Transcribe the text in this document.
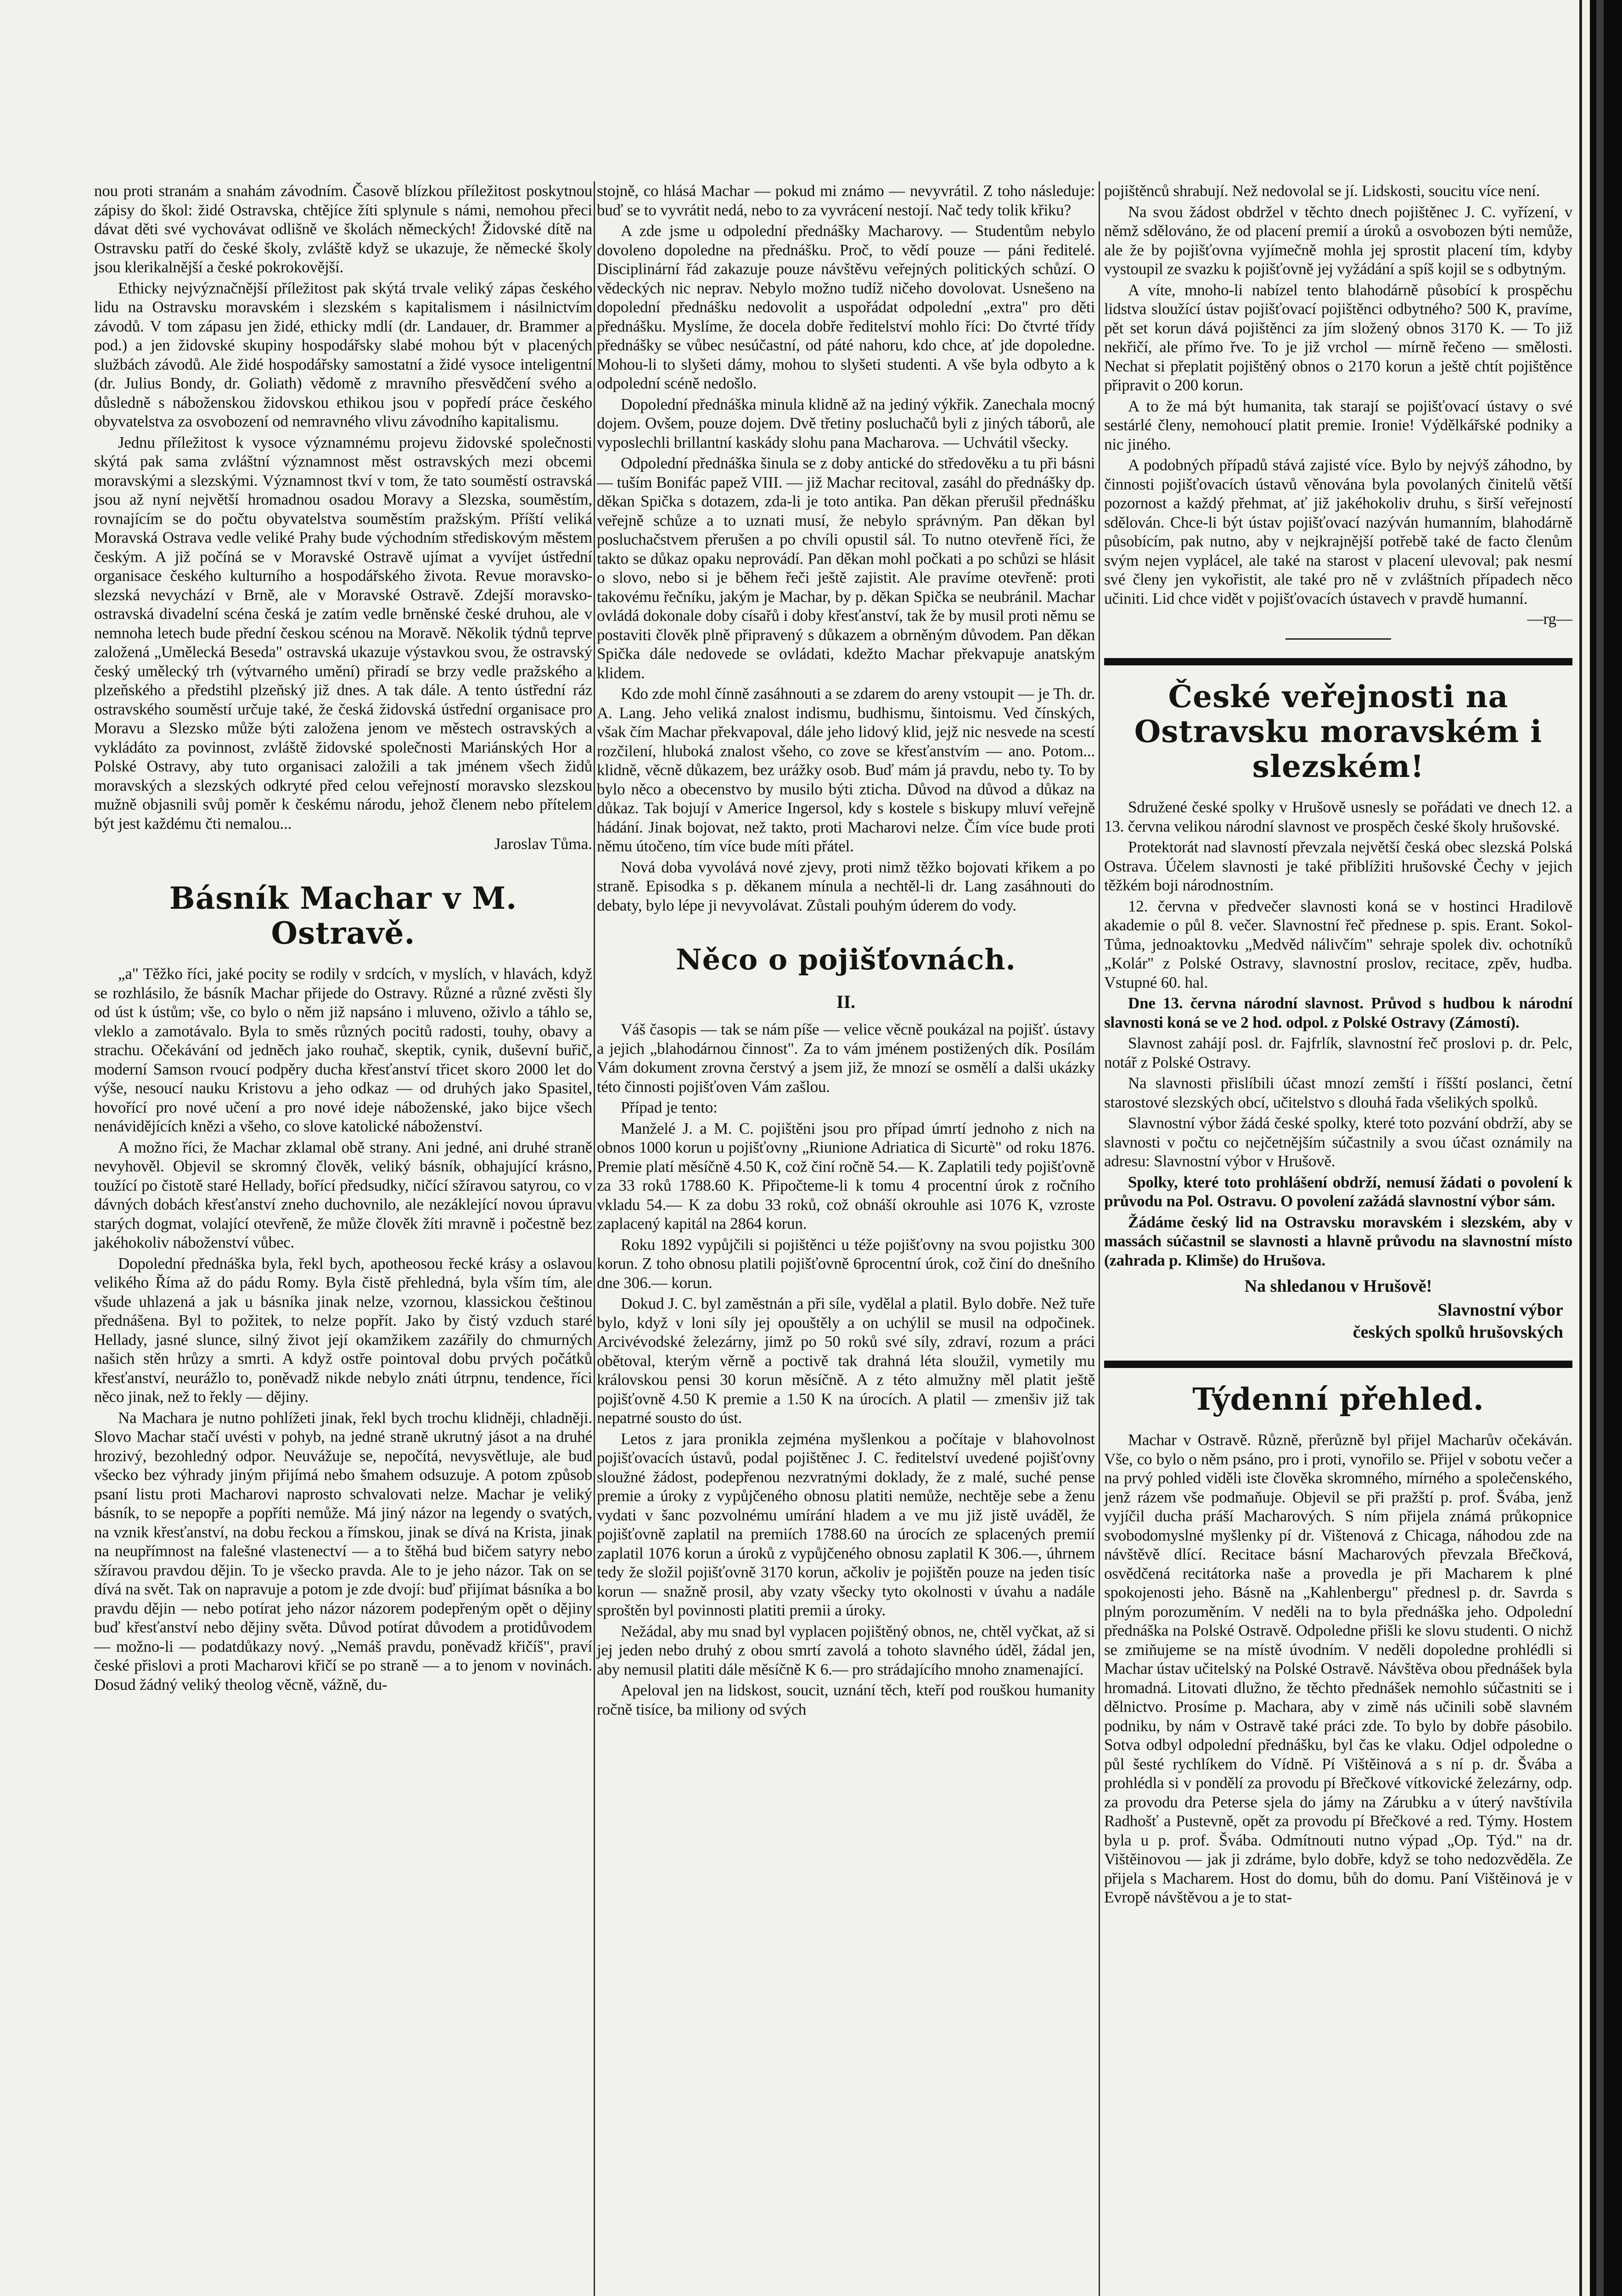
nou proti stranám a snahám závodním. Časově blízkou příležitost poskytnou zápisy do škol: židé Ostravska, chtějíce žíti splynule s námi, nemohou přeci dávat děti své vychovávat odlišně ve školách německých! Židovské dítě na Ostravsku patří do české školy, zvláště když se ukazuje, že německé školy jsou klerikalnější a české pokrokovější.

Ethicky nejvýznačnější příležitost pak skýtá trvale veliký zápas českého lidu na Ostravsku moravském i slezském s kapitalismem i násilnictvím závodů. V tom zápasu jen židé, ethicky mdlí (dr. Landauer, dr. Brammer a pod.) a jen židovské skupiny hospodářsky slabé mohou být v placených službách závodů. Ale židé hospodářsky samostatní a židé vysoce inteligentní (dr. Julius Bondy, dr. Goliath) vědomě z mravního přesvědčení svého a důsledně s náboženskou židovskou ethikou jsou v popředí práce českého obyvatelstva za osvobození od nemravného vlivu závodního kapitalismu.

Jednu příležitost k vysoce významnému projevu židovské společnosti skýtá pak sama zvláštní významnost měst ostravských mezi obcemi moravskými a slezskými. Významnost tkví v tom, že tato souměstí ostravská jsou až nyní největší hromadnou osadou Moravy a Slezska, souměstím, rovnajícím se do počtu obyvatelstva souměstím pražským. Příští veliká Moravská Ostrava vedle veliké Prahy bude východním střediskovým městem českým. A již počíná se v Moravské Ostravě ujímat a vyvíjet ústřední organisace českého kulturního a hospodářského života. Revue moravsko-slezská nevychází v Brně, ale v Moravské Ostravě. Zdejší moravsko-ostravská divadelní scéna česká je zatím vedle brněnské české druhou, ale v nemnoha letech bude přední českou scénou na Moravě. Několik týdnů teprve založená „Umělecká Beseda" ostravská ukazuje výstavkou svou, že ostravský český umělecký trh (výtvarného umění) přiradí se brzy vedle pražského a plzeňského a předstihl plzeňský již dnes. A tak dále. A tento ústřední ráz ostravského souměstí určuje také, že česká židovská ústřední organisace pro Moravu a Slezsko může býti založena jenom ve městech ostravských a vykládáto za povinnost, zvláště židovské společnosti Mariánských Hor a Polské Ostravy, aby tuto organisaci založili a tak jménem všech židů moravských a slezských odkryté před celou veřejností moravsko slezskou mužně objasnili svůj poměr k českému národu, jehož členem nebo přítelem být jest každému čti nemalou...

Jaroslav Tůma.
Básník Machar v M. Ostravě.

„a" Těžko říci, jaké pocity se rodily v srdcích, v myslích, v hlavách, když se rozhlásilo, že básník Machar přijede do Ostravy. Různé a různé zvěsti šly od úst k ústům; vše, co bylo o něm již napsáno i mluveno, oživlo a táhlo se, vleklo a zamotávalo. Byla to směs různých pocitů radosti, touhy, obavy a strachu. Očekávání od jedněch jako rouhač, skeptik, cynik, duševní buřič, moderní Samson rvoucí podpěry ducha křesťanství třicet skoro 2000 let do výše, nesoucí nauku Kristovu a jeho odkaz — od druhých jako Spasitel, hovořící pro nové učení a pro nové ideje náboženské, jako bijce všech nenávidějících knězi a všeho, co slove katolické náboženství.

A možno říci, že Machar zklamal obě strany. Ani jedné, ani druhé straně nevyhověl. Objevil se skromný člověk, veliký básník, obhajující krásno, toužící po čistotě staré Hellady, bořící předsudky, ničící sžíravou satyrou, co v dávných dobách křesťanství zneho duchovnilo, ale nezáklející novou úpravu starých dogmat, volající otevřeně, že může člověk žíti mravně i počestně bez jakéhokoliv náboženství vůbec.

Dopolední přednáška byla, řekl bych, apotheosou řecké krásy a oslavou velikého Říma až do pádu Romy. Byla čistě přehledná, byla vším tím, ale všude uhlazená a jak u básníka jinak nelze, vzornou, klassickou češtinou přednášena. Byl to požitek, to nelze popřít. Jako by čistý vzduch staré Hellady, jasné slunce, silný život její okamžikem zazářily do chmurných našich stěn hrůzy a smrti. A když ostře pointoval dobu prvých počátků křesťanství, neurážlo to, poněvadž nikde nebylo znáti útrpnu, tendence, říci něco jinak, než to řekly — dějiny.

Na Machara je nutno pohlížeti jinak, řekl bych trochu klidněji, chladněji. Slovo Machar stačí uvésti v pohyb, na jedné straně ukrutný jásot a na druhé hrozivý, bezohledný odpor. Neuvážuje se, nepočítá, nevysvětluje, ale bud všecko bez výhrady jiným přijímá nebo šmahem odsuzuje. A potom způsob psaní listu proti Macharovi naprosto schvalovati nelze. Machar je veliký básník, to se nepopře a popříti nemůže. Má jiný názor na legendy o svatých, na vznik křesťanství, na dobu řeckou a římskou, jinak se dívá na Krista, jinak na neupřímnost na falešné vlastenectví — a to štěhá bud bičem satyry nebo sžíravou pravdou dějin. To je všecko pravda. Ale to je jeho názor. Tak on se dívá na svět. Tak on napravuje a potom je zde dvojí: buď přijímat básníka a bo pravdu dějin — nebo potírat jeho názor názorem podepřeným opět o dějiny buď křesťanství nebo dějiny světa. Důvod potírat důvodem a protidůvodem — možno-li — podatdůkazy nový. „Nemáš pravdu, poněvadž křičíš", praví české přislovi a proti Macharovi křičí se po straně — a to jenom v novinách. Dosud žádný veliký theolog věcně, vážně, du-

stojně, co hlásá Machar — pokud mi známo — nevyvrátil. Z toho následuje: buď se to vyvrátit nedá, nebo to za vyvrácení nestojí. Nač tedy tolik křiku?

A zde jsme u odpolední přednášky Macharovy. — Studentům nebylo dovoleno dopoledne na přednášku. Proč, to vědí pouze — páni ředitelé. Disciplinární řád zakazuje pouze návštěvu veřejných politických schůzí. O vědeckých nic neprav. Nebylo možno tudíž ničeho dovolovat. Usnešeno na dopolední přednášku nedovolit a uspořádat odpolední „extra" pro děti přednášku. Myslíme, že docela dobře ředitelství mohlo říci: Do čtvrté třídy přednášky se vůbec nesúčastní, od páté nahoru, kdo chce, ať jde dopoledne. Mohou-li to slyšeti dámy, mohou to slyšeti studenti. A vše byla odbyto a k odpolední scéně nedošlo.

Dopolední přednáška minula klidně až na jediný výkřik. Zanechala mocný dojem. Ovšem, pouze dojem. Dvě třetiny posluchačů byli z jiných táborů, ale vyposlechli brillantní kaskády slohu pana Macharova. — Uchvátil všecky.

Odpolední přednáška šinula se z doby antické do středověku a tu při básni — tuším Bonifác papež VIII. — již Machar recitoval, zasáhl do přednášky dp. děkan Spička s dotazem, zda-li je toto antika. Pan děkan přerušil přednášku veřejně schůze a to uznati musí, že nebylo správným. Pan děkan byl posluchačstvem přerušen a po chvíli opustil sál. To nutno otevřeně říci, že takto se důkaz opaku neprovádí. Pan děkan mohl počkati a po schůzi se hlásit o slovo, nebo si je během řeči ještě zajistit. Ale pravíme otevřeně: proti takovému řečníku, jakým je Machar, by p. děkan Spička se neubránil. Machar ovládá dokonale doby císařů i doby křesťanství, tak že by musil proti němu se postaviti člověk plně připravený s důkazem a obrněným důvodem. Pan děkan Spička dále nedovede se ovládati, kdežto Machar překvapuje anatským klidem.

Kdo zde mohl čínně zasáhnouti a se zdarem do areny vstoupit — je Th. dr. A. Lang. Jeho veliká znalost indismu, budhismu, šintoismu. Ved čínských, však čím Machar překvapoval, dále jeho lidový klid, jejž nic nesvede na scestí rozčilení, hluboká znalost všeho, co zove se křesťanstvím — ano. Potom... klidně, věcně důkazem, bez urážky osob. Buď mám já pravdu, nebo ty. To by bylo něco a obecenstvo by musilo býti zticha. Důvod na důvod a důkaz na důkaz. Tak bojují v Americe Ingersol, kdy s kostele s biskupy mluví veřejně hádání. Jinak bojovat, než takto, proti Macharovi nelze. Čím více bude proti němu útočeno, tím více bude míti přátel.

Nová doba vyvolává nové zjevy, proti nimž těžko bojovati křikem a po straně. Episodka s p. děkanem mínula a nechtěl-li dr. Lang zasáhnouti do debaty, bylo lépe ji nevyvolávat. Zůstali pouhým úderem do vody.

Něco o pojišťovnách.
II.

Váš časopis — tak se nám píše — velice věcně poukázal na pojišť. ústavy a jejich „blahodárnou činnost". Za to vám jménem postižených dík. Posílám Vám dokument zrovna čerstvý a jsem již, že mnozí se osmělí a dalši ukázky této činnosti pojišťoven Vám zašlou.

Případ je tento:

Manželé J. a M. C. pojištěni jsou pro případ úmrtí jednoho z nich na obnos 1000 korun u pojišťovny „Riunione Adriatica di Sicurtè" od roku 1876. Premie platí měsíčně 4.50 K, což činí ročně 54.— K. Zaplatili tedy pojišťovně za 33 roků 1788.60 K. Připočteme-li k tomu 4 procentní úrok z ročního vkladu 54.— K za dobu 33 roků, což obnáší okrouhle asi 1076 K, vzroste zaplacený kapitál na 2864 korun.

Roku 1892 vypůjčili si pojištěnci u téže pojišťovny na svou pojistku 300 korun. Z toho obnosu platili pojišťovně 6procentní úrok, což činí do dnešního dne 306.— korun.

Dokud J. C. byl zaměstnán a při síle, vydělal a platil. Bylo dobře. Než tuře bylo, když v loni síly jej opouštěly a on uchýlil se musil na odpočinek. Arcivévodské železárny, jimž po 50 roků své síly, zdraví, rozum a práci obětoval, kterým věrně a poctivě tak drahná léta sloužil, vymetily mu královskou pensi 30 korun měsíčně. A z této almužny měl platit ještě pojišťovně 4.50 K premie a 1.50 K na úrocích. A platil — zmenšiv již tak nepatrné sousto do úst.

Letos z jara pronikla zejména myšlenkou a počítaje v blahovolnost pojišťovacích ústavů, podal pojištěnec J. C. ředitelství uvedené pojišťovny sloužné žádost, podepřenou nezvratnými doklady, že z malé, suché pense premie a úroky z vypůjčeného obnosu platiti nemůže, nechtěje sebe a ženu vydati v šanc pozvolnému umírání hladem a ve mu již jistě uváděl, že pojišťovně zaplatil na premiích 1788.60 na úrocích ze splacených premií zaplatil 1076 korun a úroků z vypůjčeného obnosu zaplatil K 306.—, úhrnem tedy že složil pojišťovně 3170 korun, ačkoliv je pojištěn pouze na jeden tisíc korun — snažně prosil, aby vzaty všecky tyto okolnosti v úvahu a nadále sproštěn byl povinnosti platiti premii a úroky.

Nežádal, aby mu snad byl vyplacen pojištěný obnos, ne, chtěl vyčkat, až si jej jeden nebo druhý z obou smrtí zavolá a tohoto slavného úděl, žádal jen, aby nemusil platiti dále měsíčně K 6.— pro strádajícího mnoho znamenající.

Apeloval jen na lidskost, soucit, uznání těch, kteří pod rouškou humanity ročně tisíce, ba miliony od svých

pojištěnců shrabují. Než nedovolal se jí. Lidskosti, soucitu více není.

Na svou žádost obdržel v těchto dnech pojištěnec J. C. vyřízení, v němž sdělováno, že od placení premií a úroků a osvobozen býti nemůže, ale že by pojišťovna vyjímečně mohla jej sprostit placení tím, kdyby vystoupil ze svazku k pojišťovně jej vyžádání a spíš kojil se s odbytným.

A víte, mnoho-li nabízel tento blahodárně působící k prospěchu lidstva sloužící ústav pojišťovací pojištěnci odbytného? 500 K, pravíme, pět set korun dává pojištěnci za jím složený obnos 3170 K. — To již nekřičí, ale přímo řve. To je již vrchol — mírně řečeno — smělosti. Nechat si přeplatit pojištěný obnos o 2170 korun a ještě chtít pojištěnce připravit o 200 korun.

A to že má být humanita, tak starají se pojišťovací ústavy o své sestárlé členy, nemohoucí platit premie. Ironie! Výdělkářské podniky a nic jiného.

A podobných případů stává zajisté více. Bylo by nejvýš záhodno, by činnosti pojišťovacích ústavů věnována byla povolaných činitelů větší pozornost a každý přehmat, ať již jakéhokoliv druhu, s širší veřejností sdělován. Chce-li být ústav pojišťovací nazýván humanním, blahodárně působícím, pak nutno, aby v nejkrajnější potřebě také de facto členům svým nejen vyplácel, ale také na starost v placení ulevoval; pak nesmí své členy jen vykořistit, ale také pro ně v zvláštních případech něco učiniti. Lid chce vidět v pojišťovacích ústavech v pravdě humanní.

—rg—
České veřejnosti na Ostravsku moravském i slezském!

Sdružené české spolky v Hrušově usnesly se pořádati ve dnech 12. a 13. června velikou národní slavnost ve prospěch české školy hrušovské.

Protektorát nad slavností převzala největší česká obec slezská Polská Ostrava. Účelem slavnosti je také přiblížiti hrušovské Čechy v jejich těžkém boji národnostním.

12. června v předvečer slavnosti koná se v hostinci Hradilově akademie o půl 8. večer. Slavnostní řeč přednese p. spis. Erant. Sokol-Tůma, jednoaktovku „Medvěd nálivčím" sehraje spolek div. ochotníků „Kolár" z Polské Ostravy, slavnostní proslov, recitace, zpěv, hudba. Vstupné 60. hal.

Dne 13. června národní slavnost. Průvod s hudbou k národní slavnosti koná se ve 2 hod. odpol. z Polské Ostravy (Zámostí).

Slavnost zahájí posl. dr. Fajfrlík, slavnostní řeč proslovi p. dr. Pelc, notář z Polské Ostravy.

Na slavnosti přislíbili účast mnozí zemští i říšští poslanci, četní starostové slezských obcí, učitelstvo s dlouhá řada všelikých spolků.

Slavnostní výbor žádá české spolky, které toto pozvání obdrží, aby se slavnosti v počtu co nejčetnějším súčastnily a svou účast oznámily na adresu: Slavnostní výbor v Hrušově.

Spolky, které toto prohlášení obdrží, nemusí žádati o povolení k průvodu na Pol. Ostravu. O povolení zažádá slavnostní výbor sám.

Žádáme český lid na Ostravsku moravském i slezském, aby v massách súčastnil se slavnosti a hlavně průvodu na slavnostní místo (zahrada p. Klimše) do Hrušova.

Na shledanou v Hrušově!
Slavnostní výbor
českých spolků hrušovských
Týdenní přehled.

Machar v Ostravě. Různě, přerůzně byl přijel Macharův očekáván. Vše, co bylo o něm psáno, pro i proti, vynořilo se. Přijel v sobotu večer a na prvý pohled viděli iste člověka skromného, mírného a společenského, jenž rázem vše podmaňuje. Objevil se při pražští p. prof. Švába, jenž vyjíčil ducha práší Macharových. S ním přijela známá průkopnice svobodomyslné myšlenky pí dr. Vištenová z Chicaga, náhodou zde na návštěvě dlící. Recitace básní Macharových převzala Břečková, osvědčená recitátorka naše a provedla je při Macharem k plné spokojenosti jeho. Básně na „Kahlenbergu" přednesl p. dr. Savrda s plným porozuměním. V neděli na to byla přednáška jeho. Odpolední přednáška na Polské Ostravě. Odpoledne přišli ke slovu studenti. O nichž se zmiňujeme se na místě úvodním. V neděli dopoledne prohlédli si Machar ústav učitelský na Polské Ostravě. Návštěva obou přednášek byla hromadná. Litovati dlužno, že těchto přednášek nemohlo súčastniti se i dělnictvo. Prosíme p. Machara, aby v zimě nás učinili sobě slavném podniku, by nám v Ostravě také práci zde. To bylo by dobře pásobilo. Sotva odbyl odpolední přednášku, byl čas ke vlaku. Odjel odpoledne o půl šesté rychlíkem do Vídně. Pí Vištěinová a s ní p. dr. Švába a prohlédla si v pondělí za provodu pí Břečkové vítkovické železárny, odp. za provodu dra Peterse sjela do jámy na Zárubku a v úterý navštívila Radhošť a Pustevně, opět za provodu pí Břečkové a red. Týmy. Hostem byla u p. prof. Švába. Odmítnouti nutno výpad „Op. Týd." na dr. Vištěinovou — jak ji zdráme, bylo dobře, když se toho nedozvěděla. Ze přijela s Macharem. Host do domu, bůh do domu. Paní Vištěinová je v Evropě návštěvou a je to stat-
